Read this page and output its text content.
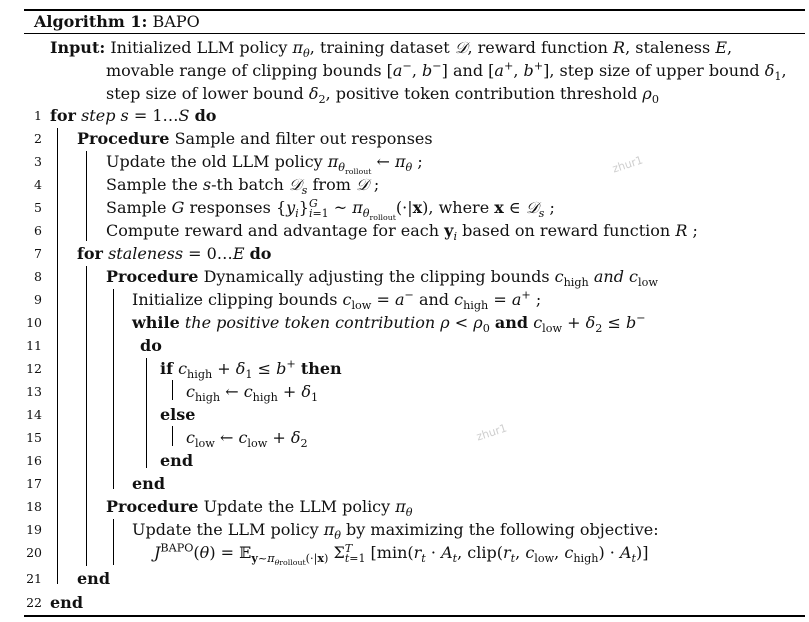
Algorithm 1: BAPO
Input: Initialized LLM policy $\pi_\theta$, training dataset 𝒟, reward function R, staleness E,
movable range of clipping bounds [a−, b−] and [a+, b+], step size of upper bound $\delta_1$,
step size of lower bound $\delta_2$, positive token contribution threshold $\rho_0$
1
2
3
4
5
6
7
8
9
10
11
12
13
14
15
16
17
18
19
20
21
22
for step s = 1…S do
Procedure Sample and filter out responses
Update the old LLM policy $\pi_{\theta_{rollout}}$ ← $\pi_\theta$ ;
Sample the s-th batch 𝒟$_s$ from 𝒟 ;
Sample G responses $\{y_i\}G$
i=1 ~ $\pi_{\theta_{rollout}}(\cdot|x)$, where x ∈ 𝒟$_s$ ;
Compute reward and advantage for each $y_i$ based on reward function R ;
for staleness = 0…E do
Procedure Dynamically adjusting the clipping bounds $c_{high}$ and $c_{low}$
Initialize clipping bounds $c_{low} = a^-$ and $c_{high} = a^+$ ;
while the positive token contribution $\rho < \rho_0$ and $c_{low} + \delta_2 \le b^-$
do
if $c_{high} + \delta_1 \le b^+$ then
$c_{high}$ ← $c_{high} + \delta_1$
else
$c_{low}$ ← $c_{low} + \delta_2$
end
end
Procedure Update the LLM policy $\pi_\theta$
Update the LLM policy $\pi_\theta$ by maximizing the following objective:
$J^{BAPO}(\theta)$ = 𝔼$_{y\sim\pi_{\theta rollout}(\cdot|x)}$ ΣT
t=1 [$\min(r_t \cdot A_t$, $clip(r_t$, $c_{low}$, $c_{high}) \cdot A_t$)]
end
end
zhur1
zhur1
